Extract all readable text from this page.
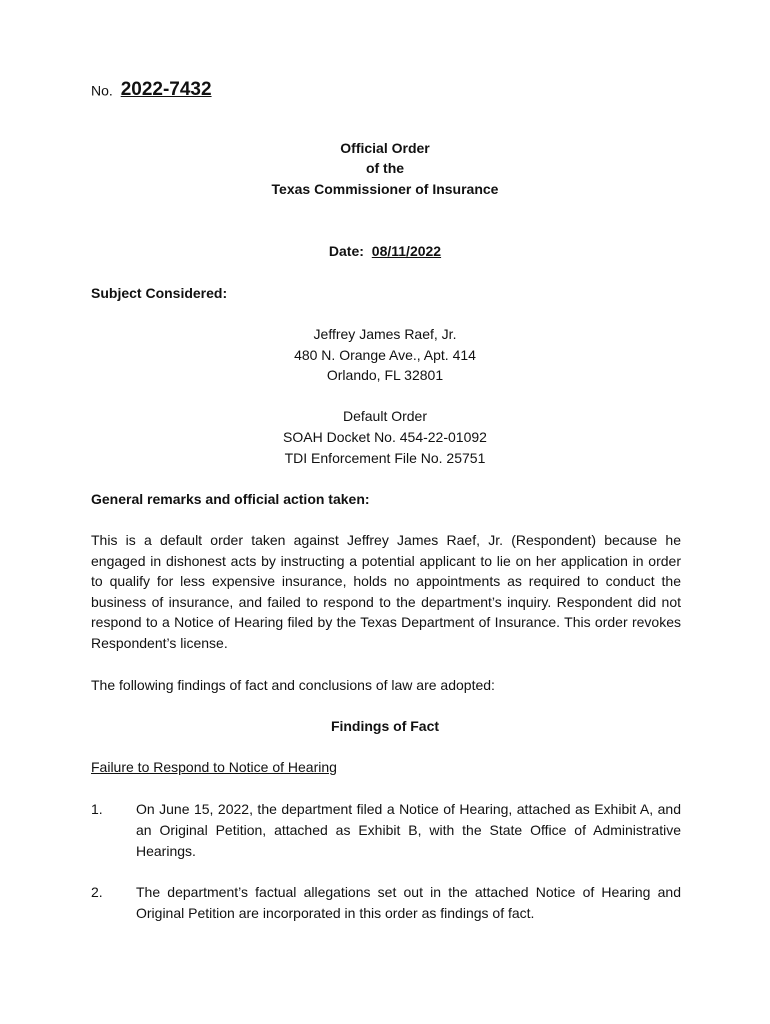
No. 2022-7432
Official Order
of the
Texas Commissioner of Insurance
Date: 08/11/2022
Subject Considered:
Jeffrey James Raef, Jr.
480 N. Orange Ave., Apt. 414
Orlando, FL 32801
Default Order
SOAH Docket No. 454-22-01092
TDI Enforcement File No. 25751
General remarks and official action taken:
This is a default order taken against Jeffrey James Raef, Jr. (Respondent) because he engaged in dishonest acts by instructing a potential applicant to lie on her application in order to qualify for less expensive insurance, holds no appointments as required to conduct the business of insurance, and failed to respond to the department’s inquiry. Respondent did not respond to a Notice of Hearing filed by the Texas Department of Insurance. This order revokes Respondent’s license.
The following findings of fact and conclusions of law are adopted:
Findings of Fact
Failure to Respond to Notice of Hearing
1. On June 15, 2022, the department filed a Notice of Hearing, attached as Exhibit A, and an Original Petition, attached as Exhibit B, with the State Office of Administrative Hearings.
2. The department’s factual allegations set out in the attached Notice of Hearing and Original Petition are incorporated in this order as findings of fact.
